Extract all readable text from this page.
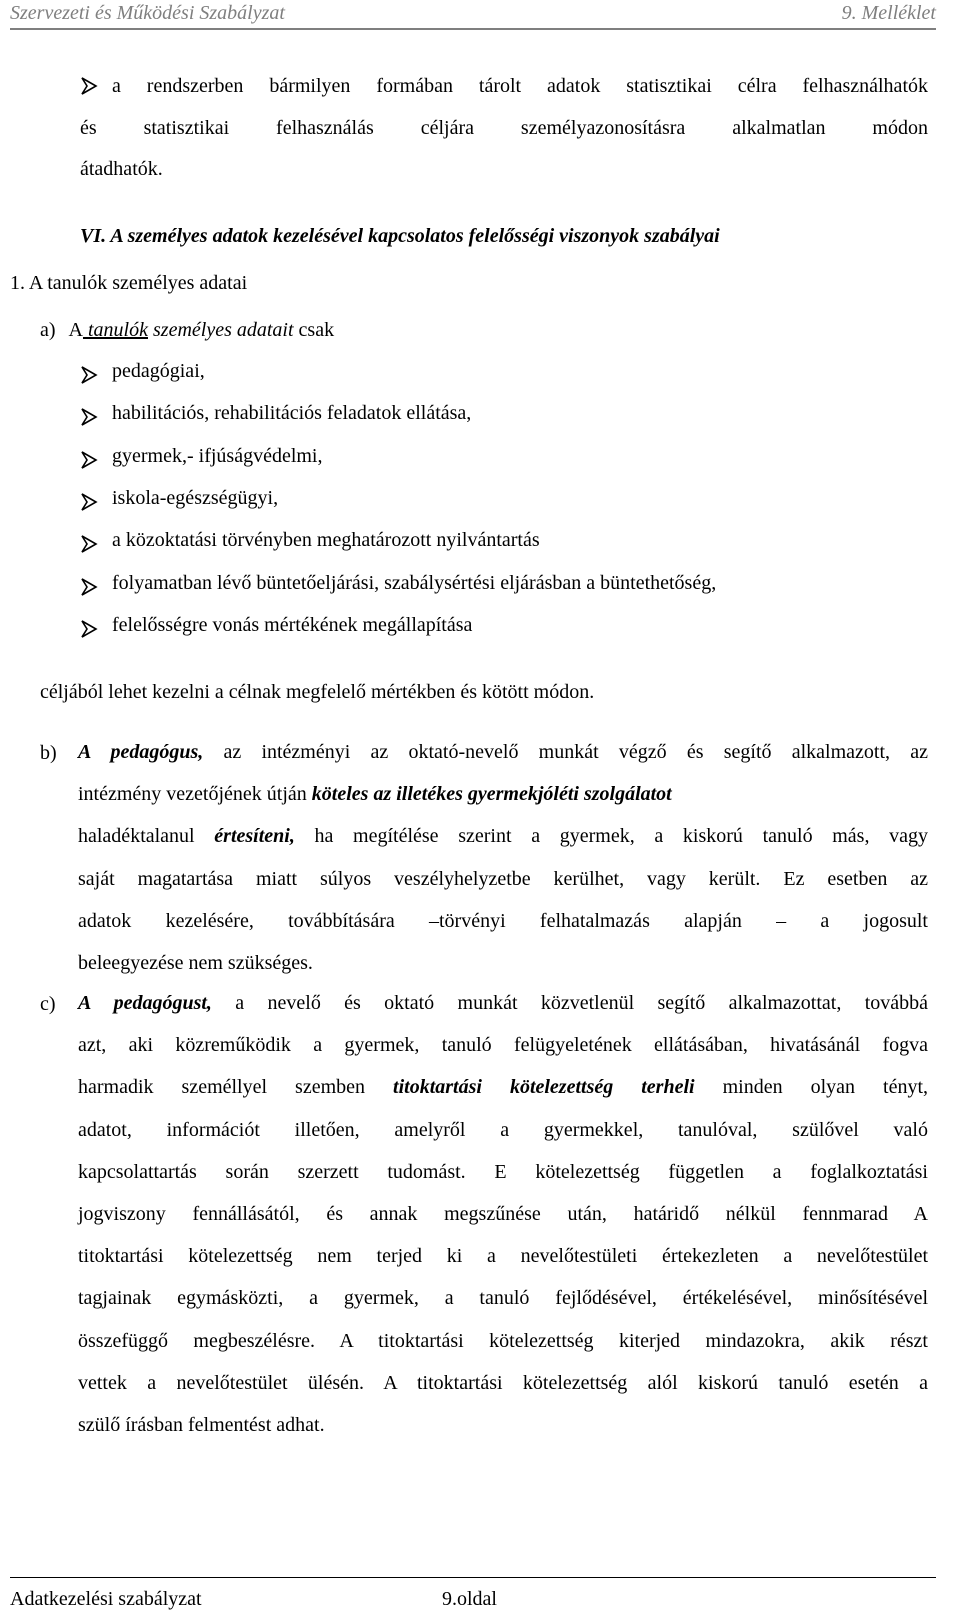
Szervezeti és Működési Szabályzat	9. Melléklet
a rendszerben bármilyen formában tárolt adatok statisztikai célra felhasználhatók
és statisztikai felhasználás céljára személyazonosításra alkalmatlan módon
átadhatók.
VI. A személyes adatok kezelésével kapcsolatos felelősségi viszonyok szabályai
1. A tanulók személyes adatai
a) A tanulók személyes adatait csak
pedagógiai,
habilitációs, rehabilitációs feladatok ellátása,
gyermek,- ifjúságvédelmi,
iskola-egészségügyi,
a közoktatási törvényben meghatározott nyilvántartás
folyamatban lévő büntetőeljárási, szabálysértési eljárásban a büntethetőség,
felelősségre vonás mértékének megállapítása
céljából lehet kezelni a célnak megfelelő mértékben és kötött módon.
b) A pedagógus, az intézményi az oktató-nevelő munkát végző és segítő alkalmazott, az
intézmény vezetőjének útján köteles az illetékes gyermekjóléti szolgálatot
haladéktalanul értesíteni, ha megítélése szerint a gyermek, a kiskorú tanuló más, vagy
saját magatartása miatt súlyos veszélyhelyzetbe kerülhet, vagy került. Ez esetben az
adatok kezelésére, továbbítására –törvényi felhatalmazás alapján – a jogosult
beleegyezése nem szükséges.
c) A pedagógust, a nevelő és oktató munkát közvetlenül segítő alkalmazottat, továbbá
azt, aki közreműködik a gyermek, tanuló felügyeletének ellátásában, hivatásánál fogva
harmadik személlyel szemben titoktartási kötelezettség terheli minden olyan tényt,
adatot, információt illetően, amelyről a gyermekkel, tanulóval, szülővel való
kapcsolattartás során szerzett tudomást. E kötelezettség független a foglalkoztatási
jogviszony fennállásától, és annak megszűnése után, határidő nélkül fennmarad A
titoktartási kötelezettség nem terjed ki a nevelőtestületi értekezleten a nevelőtestület
tagjainak egymásközti, a gyermek, a tanuló fejlődésével, értékelésével, minősítésével
összefüggő megbeszélésre. A titoktartási kötelezettség kiterjed mindazokra, akik részt
vettek a nevelőtestület ülésén. A titoktartási kötelezettség alól kiskorú tanuló esetén a
szülő írásban felmentést adhat.
Adatkezelési szabályzat	9.oldal
